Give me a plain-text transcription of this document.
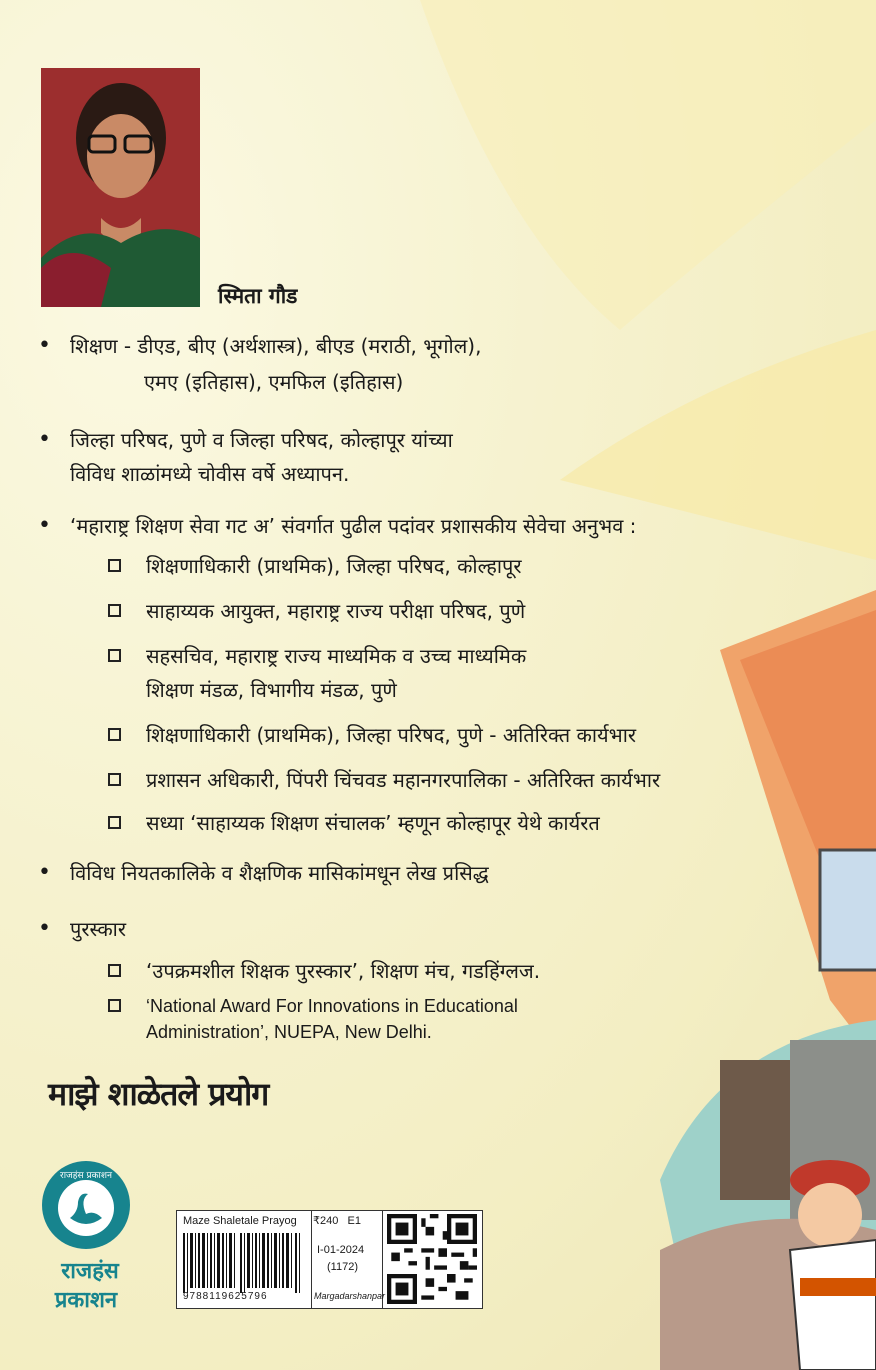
स्मिता गौड
• शिक्षण - डीएड, बीए (अर्थशास्त्र), बीएड (मराठी, भूगोल),
एमए (इतिहास), एमफिल (इतिहास)
• जिल्हा परिषद, पुणे व जिल्हा परिषद, कोल्हापूर यांच्या
विविध शाळांमध्ये चोवीस वर्षे अध्यापन.
• ‘महाराष्ट्र शिक्षण सेवा गट अ’ संवर्गात पुढील पदांवर प्रशासकीय सेवेचा अनुभव :
शिक्षणाधिकारी (प्राथमिक), जिल्हा परिषद, कोल्हापूर
साहाय्यक आयुक्त, महाराष्ट्र राज्य परीक्षा परिषद, पुणे
सहसचिव, महाराष्ट्र राज्य माध्यमिक व उच्च माध्यमिक
शिक्षण मंडळ, विभागीय मंडळ, पुणे
शिक्षणाधिकारी (प्राथमिक), जिल्हा परिषद, पुणे - अतिरिक्त कार्यभार
प्रशासन अधिकारी, पिंपरी चिंचवड महानगरपालिका - अतिरिक्त कार्यभार
सध्या ‘साहाय्यक शिक्षण संचालक’ म्हणून कोल्हापूर येथे कार्यरत
• विविध नियतकालिके व शैक्षणिक मासिकांमधून लेख प्रसिद्ध
• पुरस्कार
‘उपक्रमशील शिक्षक पुरस्कार’, शिक्षण मंच, गडहिंग्लज.
‘National Award For Innovations in Educational
Administration’, NUEPA, New Delhi.
माझे शाळेतले प्रयोग
राजहंस प्रकाशन
राजहंस
प्रकाशन
Maze Shaletale Prayog
9788119625796
₹240 E1
I-01-2024
(1172)
Margadarshanpar
